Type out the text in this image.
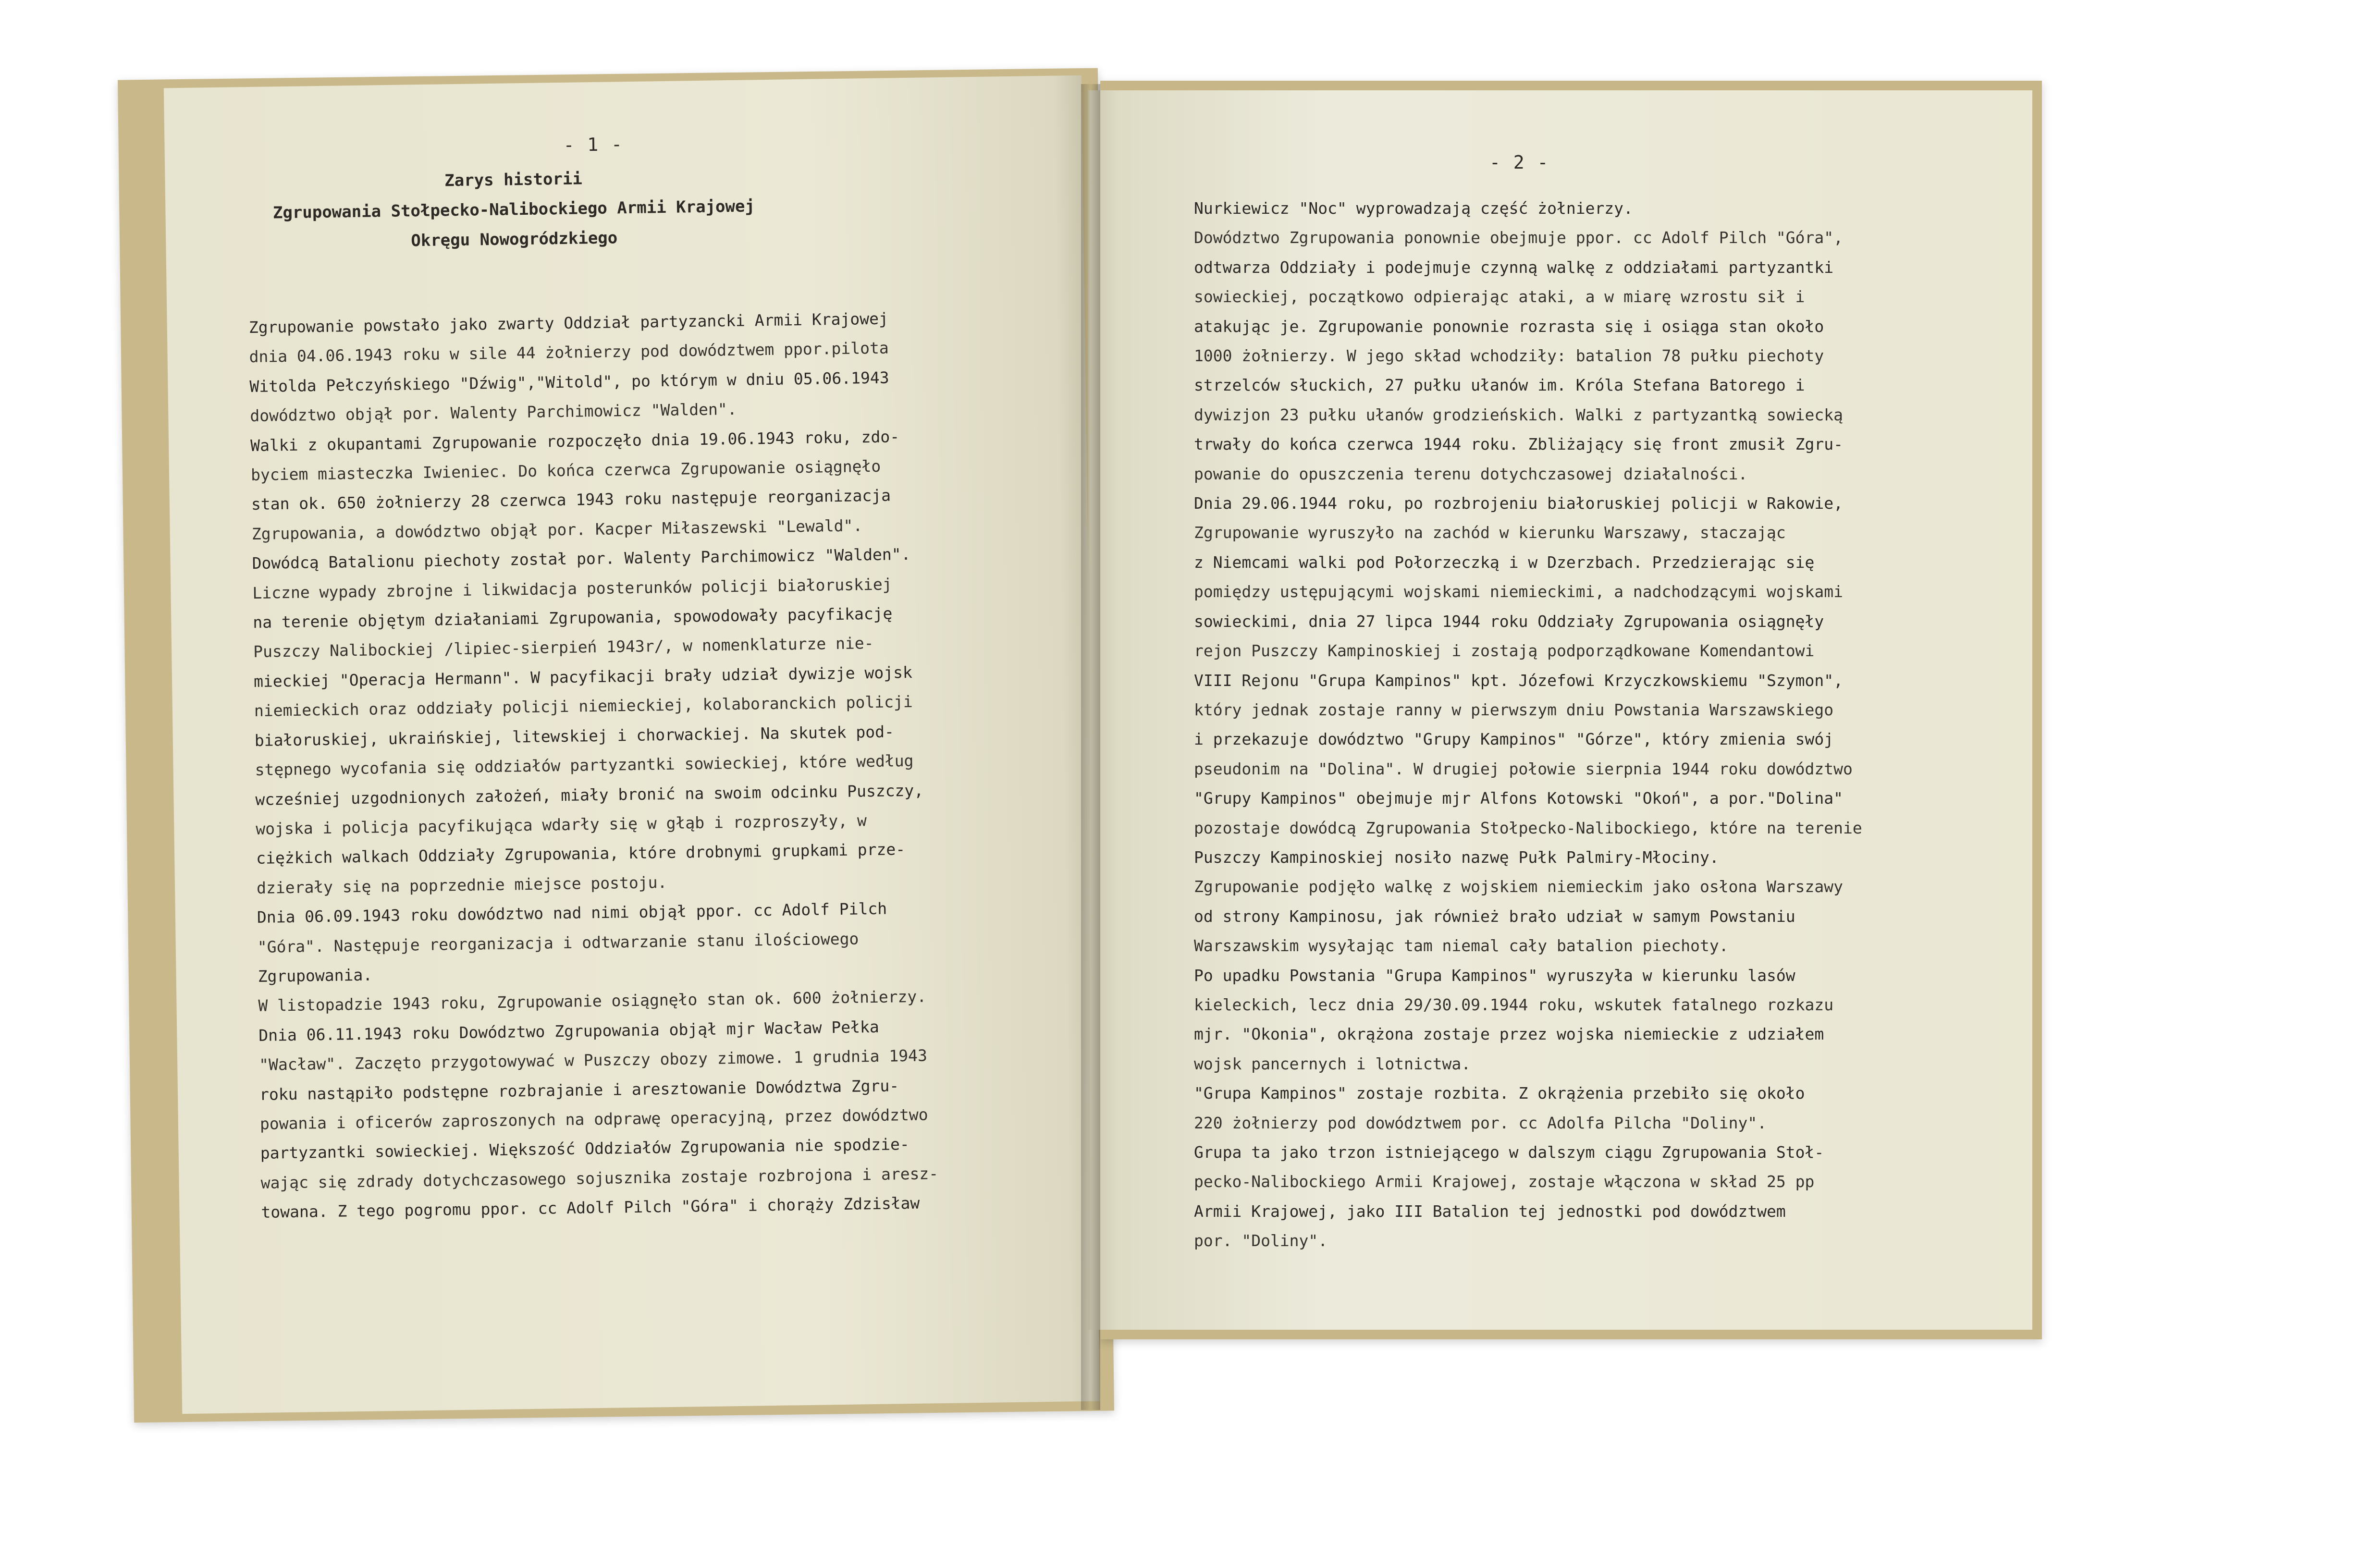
- 1 -
Zarys historii
Zgrupowania Stołpecko-Nalibockiego Armii Krajowej
Okręgu Nowogródzkiego
Zgrupowanie powstało jako zwarty Oddział partyzancki Armii Krajowej
dnia 04.06.1943 roku w sile 44 żołnierzy pod dowództwem ppor.pilota
Witolda Pełczyńskiego "Dźwig","Witold", po którym w dniu 05.06.1943
dowództwo objął por. Walenty Parchimowicz "Walden".
Walki z okupantami Zgrupowanie rozpoczęło dnia 19.06.1943 roku, zdo-
byciem miasteczka Iwieniec. Do końca czerwca Zgrupowanie osiągnęło
stan ok. 650 żołnierzy 28 czerwca 1943 roku następuje reorganizacja
Zgrupowania, a dowództwo objął por. Kacper Miłaszewski "Lewald".
Dowódcą Batalionu piechoty został por. Walenty Parchimowicz "Walden".
Liczne wypady zbrojne i likwidacja posterunków policji białoruskiej
na terenie objętym działaniami Zgrupowania, spowodowały pacyfikację
Puszczy Nalibockiej /lipiec-sierpień 1943r/, w nomenklaturze nie-
mieckiej "Operacja Hermann". W pacyfikacji brały udział dywizje wojsk
niemieckich oraz oddziały policji niemieckiej, kolaboranckich policji
białoruskiej, ukraińskiej, litewskiej i chorwackiej. Na skutek pod-
stępnego wycofania się oddziałów partyzantki sowieckiej, które według
wcześniej uzgodnionych założeń, miały bronić na swoim odcinku Puszczy,
wojska i policja pacyfikująca wdarły się w głąb i rozproszyły, w
ciężkich walkach Oddziały Zgrupowania, które drobnymi grupkami prze-
dzierały się na poprzednie miejsce postoju.
Dnia 06.09.1943 roku dowództwo nad nimi objął ppor. cc Adolf Pilch
"Góra". Następuje reorganizacja i odtwarzanie stanu ilościowego
Zgrupowania.
W listopadzie 1943 roku, Zgrupowanie osiągnęło stan ok. 600 żołnierzy.
Dnia 06.11.1943 roku Dowództwo Zgrupowania objął mjr Wacław Pełka
"Wacław". Zaczęto przygotowywać w Puszczy obozy zimowe. 1 grudnia 1943
roku nastąpiło podstępne rozbrajanie i aresztowanie Dowództwa Zgru-
powania i oficerów zaproszonych na odprawę operacyjną, przez dowództwo
partyzantki sowieckiej. Większość Oddziałów Zgrupowania nie spodzie-
wając się zdrady dotychczasowego sojusznika zostaje rozbrojona i aresz-
towana. Z tego pogromu ppor. cc Adolf Pilch "Góra" i chorąży Zdzisław
- 2 -
Nurkiewicz "Noc" wyprowadzają część żołnierzy.
Dowództwo Zgrupowania ponownie obejmuje ppor. cc Adolf Pilch "Góra",
odtwarza Oddziały i podejmuje czynną walkę z oddziałami partyzantki
sowieckiej, początkowo odpierając ataki, a w miarę wzrostu sił i
atakując je. Zgrupowanie ponownie rozrasta się i osiąga stan około
1000 żołnierzy. W jego skład wchodziły: batalion 78 pułku piechoty
strzelców słuckich, 27 pułku ułanów im. Króla Stefana Batorego i
dywizjon 23 pułku ułanów grodzieńskich. Walki z partyzantką sowiecką
trwały do końca czerwca 1944 roku. Zbliżający się front zmusił Zgru-
powanie do opuszczenia terenu dotychczasowej działalności.
Dnia 29.06.1944 roku, po rozbrojeniu białoruskiej policji w Rakowie,
Zgrupowanie wyruszyło na zachód w kierunku Warszawy, staczając
z Niemcami walki pod Połorzeczką i w Dzerzbach. Przedzierając się
pomiędzy ustępującymi wojskami niemieckimi, a nadchodzącymi wojskami
sowieckimi, dnia 27 lipca 1944 roku Oddziały Zgrupowania osiągnęły
rejon Puszczy Kampinoskiej i zostają podporządkowane Komendantowi
VIII Rejonu "Grupa Kampinos" kpt. Józefowi Krzyczkowskiemu "Szymon",
który jednak zostaje ranny w pierwszym dniu Powstania Warszawskiego
i przekazuje dowództwo "Grupy Kampinos" "Górze", który zmienia swój
pseudonim na "Dolina". W drugiej połowie sierpnia 1944 roku dowództwo
"Grupy Kampinos" obejmuje mjr Alfons Kotowski "Okoń", a por."Dolina"
pozostaje dowódcą Zgrupowania Stołpecko-Nalibockiego, które na terenie
Puszczy Kampinoskiej nosiło nazwę Pułk Palmiry-Młociny.
Zgrupowanie podjęło walkę z wojskiem niemieckim jako osłona Warszawy
od strony Kampinosu, jak również brało udział w samym Powstaniu
Warszawskim wysyłając tam niemal cały batalion piechoty.
Po upadku Powstania "Grupa Kampinos" wyruszyła w kierunku lasów
kieleckich, lecz dnia 29/30.09.1944 roku, wskutek fatalnego rozkazu
mjr. "Okonia", okrążona zostaje przez wojska niemieckie z udziałem
wojsk pancernych i lotnictwa.
"Grupa Kampinos" zostaje rozbita. Z okrążenia przebiło się około
220 żołnierzy pod dowództwem por. cc Adolfa Pilcha "Doliny".
Grupa ta jako trzon istniejącego w dalszym ciągu Zgrupowania Stoł-
pecko-Nalibockiego Armii Krajowej, zostaje włączona w skład 25 pp
Armii Krajowej, jako III Batalion tej jednostki pod dowództwem
por. "Doliny".
